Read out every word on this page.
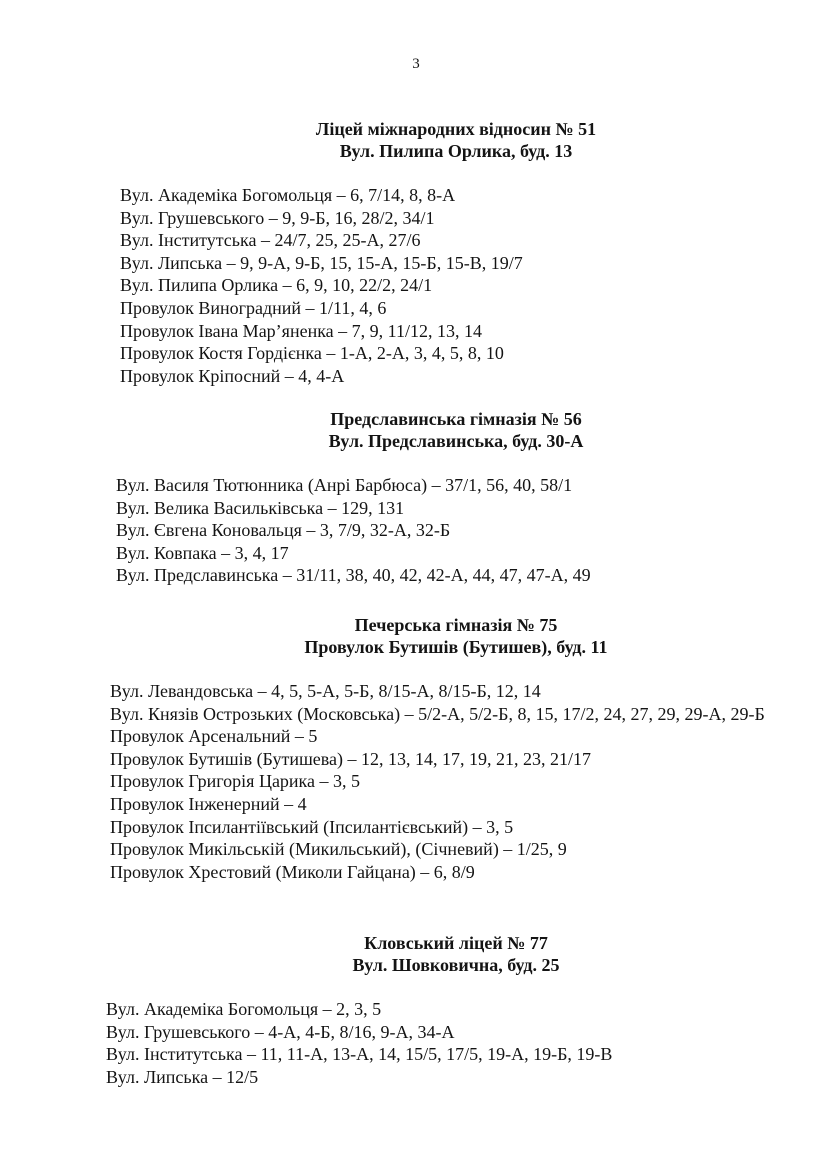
3
Ліцей міжнародних відносин № 51
Вул. Пилипа Орлика, буд. 13
Вул. Академіка Богомольця – 6, 7/14, 8, 8-А
Вул. Грушевського – 9, 9-Б, 16, 28/2, 34/1
Вул. Інститутська – 24/7, 25, 25-А, 27/6
Вул. Липська – 9, 9-А, 9-Б, 15, 15-А, 15-Б, 15-В, 19/7
Вул. Пилипа Орлика – 6, 9, 10, 22/2, 24/1
Провулок Виноградний – 1/11, 4, 6
Провулок Івана Мар’яненка – 7, 9, 11/12, 13, 14
Провулок Костя Гордієнка – 1-А, 2-А, 3, 4, 5, 8, 10
Провулок Кріпосний – 4, 4-А
Предславинська гімназія № 56
Вул. Предславинська, буд. 30-А
Вул. Василя Тютюнника (Анрі Барбюса) – 37/1, 56, 40, 58/1
Вул. Велика Васильківська – 129, 131
Вул. Євгена Коновальця – 3, 7/9, 32-А, 32-Б
Вул. Ковпака – 3, 4, 17
Вул. Предславинська – 31/11, 38, 40, 42, 42-А, 44, 47, 47-А, 49
Печерська гімназія № 75
Провулок Бутишів (Бутишев), буд. 11
Вул. Левандовська – 4, 5, 5-А, 5-Б, 8/15-А, 8/15-Б, 12, 14
Вул. Князів Острозьких (Московська) – 5/2-А, 5/2-Б, 8, 15, 17/2, 24, 27, 29, 29-А, 29-Б
Провулок Арсенальний – 5
Провулок Бутишів (Бутишева) – 12, 13, 14, 17, 19, 21, 23, 21/17
Провулок Григорія Царика – 3, 5
Провулок Інженерний – 4
Провулок Іпсилантіївський (Іпсилантієвський) – 3, 5
Провулок Микільській (Микильський), (Січневий) – 1/25, 9
Провулок Хрестовий (Миколи Гайцана) – 6, 8/9
Кловський ліцей № 77
Вул. Шовковична, буд. 25
Вул. Академіка Богомольця – 2, 3, 5
Вул. Грушевського – 4-А, 4-Б, 8/16, 9-А, 34-А
Вул. Інститутська – 11, 11-А, 13-А, 14, 15/5, 17/5, 19-А, 19-Б, 19-В
Вул. Липська – 12/5
